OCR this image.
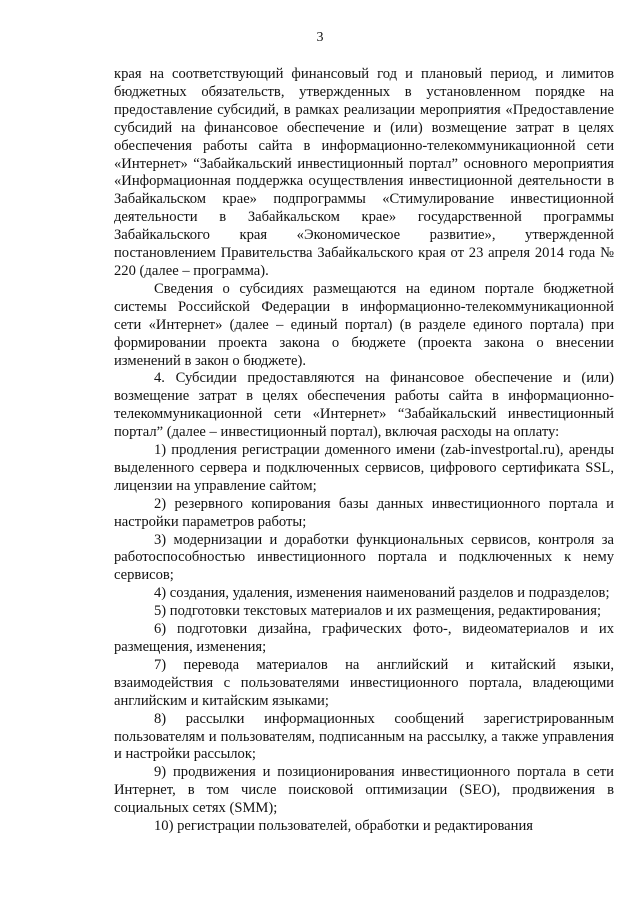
3

края на соответствующий финансовый год и плановый период, и лимитов бюджетных обязательств, утвержденных в установленном порядке на предоставление субсидий, в рамках реализации мероприятия «Предоставление субсидий на финансовое обеспечение и (или) возмещение затрат в целях обеспечения работы сайта в информационно-телекоммуникационной сети «Интернет» “Забайкальский инвестиционный портал” основного мероприятия «Информационная поддержка осуществления инвестиционной деятельности в Забайкальском крае» подпрограммы «Стимулирование инвестиционной деятельности в Забайкальском крае» государственной программы Забайкальского края «Экономическое развитие», утвержденной постановлением Правительства Забайкальского края от 23 апреля 2014 года № 220 (далее – программа).

Сведения о субсидиях размещаются на едином портале бюджетной системы Российской Федерации в информационно-телекоммуникационной сети «Интернет» (далее – единый портал) (в разделе единого портала) при формировании проекта закона о бюджете (проекта закона о внесении изменений в закон о бюджете).

4. Субсидии предоставляются на финансовое обеспечение и (или) возмещение затрат в целях обеспечения работы сайта в информационно-телекоммуникационной сети «Интернет» “Забайкальский инвестиционный портал” (далее – инвестиционный портал), включая расходы на оплату:

1) продления регистрации доменного имени (zab-investportal.ru), аренды выделенного сервера и подключенных сервисов, цифрового сертификата SSL, лицензии на управление сайтом;

2) резервного копирования базы данных инвестиционного портала и настройки параметров работы;

3) модернизации и доработки функциональных сервисов, контроля за работоспособностью инвестиционного портала и подключенных к нему сервисов;

4) создания, удаления, изменения наименований разделов и подразделов;

5) подготовки текстовых материалов и их размещения, редактирования;

6) подготовки дизайна, графических фото-, видеоматериалов и их размещения, изменения;

7) перевода материалов на английский и китайский языки, взаимодействия с пользователями инвестиционного портала, владеющими английским и китайским языками;

8) рассылки информационных сообщений зарегистрированным пользователям и пользователям, подписанным на рассылку, а также управления и настройки рассылок;

9) продвижения и позиционирования инвестиционного портала в сети Интернет, в том числе поисковой оптимизации (SEO), продвижения в социальных сетях (SMM);

10) регистрации пользователей, обработки и редактирования
